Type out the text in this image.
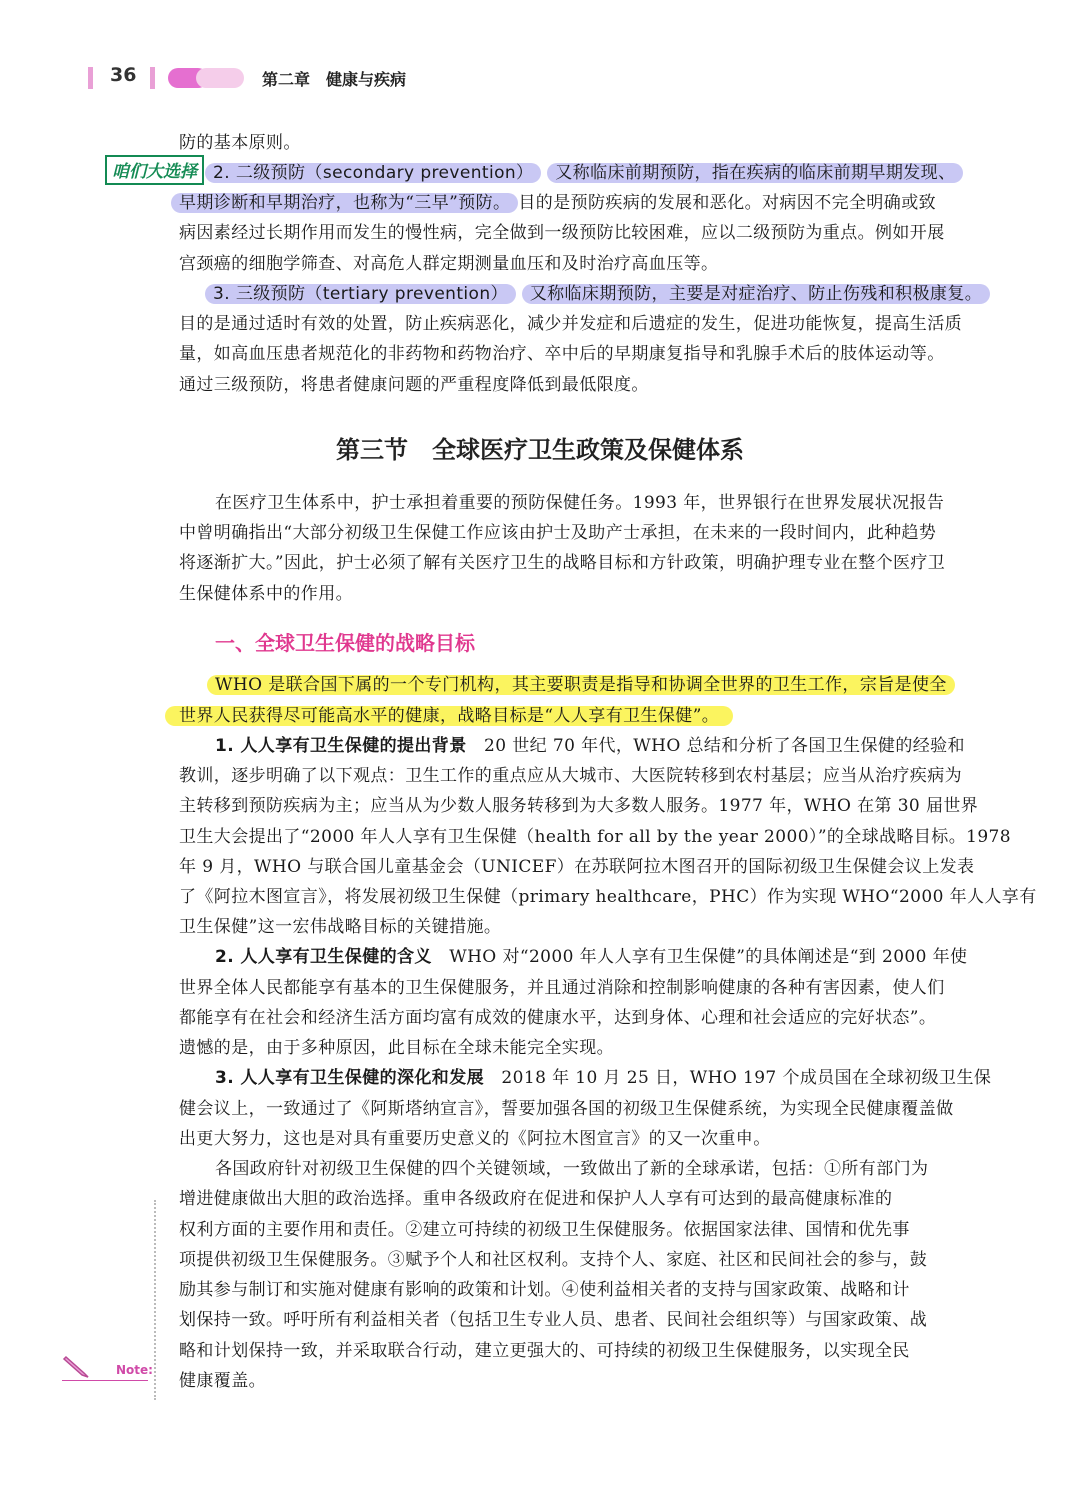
36	第二章　健康与疾病
咱们大选择
防的基本原则。
2. 二级预防（secondary prevention） 又称临床前期预防，指在疾病的临床前期早期发现、
早期诊断和早期治疗，也称为“三早”预防。 目的是预防疾病的发展和恶化。对病因不完全明确或致
病因素经过长期作用而发生的慢性病，完全做到一级预防比较困难，应以二级预防为重点。例如开展
宫颈癌的细胞学筛查、对高危人群定期测量血压和及时治疗高血压等。
3. 三级预防（tertiary prevention） 又称临床期预防，主要是对症治疗、防止伤残和积极康复。
目的是通过适时有效的处置，防止疾病恶化，减少并发症和后遗症的发生，促进功能恢复，提高生活质
量，如高血压患者规范化的非药物和药物治疗、卒中后的早期康复指导和乳腺手术后的肢体运动等。
通过三级预防，将患者健康问题的严重程度降低到最低限度。
第三节　全球医疗卫生政策及保健体系
在医疗卫生体系中，护士承担着重要的预防保健任务。1993 年，世界银行在世界发展状况报告
中曾明确指出“大部分初级卫生保健工作应该由护士及助产士承担，在未来的一段时间内，此种趋势
将逐渐扩大。”因此，护士必须了解有关医疗卫生的战略目标和方针政策，明确护理专业在整个医疗卫
生保健体系中的作用。
一、全球卫生保健的战略目标
WHO 是联合国下属的一个专门机构，其主要职责是指导和协调全世界的卫生工作，宗旨是使全
世界人民获得尽可能高水平的健康，战略目标是“人人享有卫生保健”。
1. 人人享有卫生保健的提出背景　20 世纪 70 年代，WHO 总结和分析了各国卫生保健的经验和
教训，逐步明确了以下观点：卫生工作的重点应从大城市、大医院转移到农村基层；应当从治疗疾病为
主转移到预防疾病为主；应当从为少数人服务转移到为大多数人服务。1977 年，WHO 在第 30 届世界
卫生大会提出了“2000 年人人享有卫生保健（health for all by the year 2000）”的全球战略目标。1978
年 9 月，WHO 与联合国儿童基金会（UNICEF）在苏联阿拉木图召开的国际初级卫生保健会议上发表
了《阿拉木图宣言》，将发展初级卫生保健（primary healthcare，PHC）作为实现 WHO“2000 年人人享有
卫生保健”这一宏伟战略目标的关键措施。
2. 人人享有卫生保健的含义　WHO 对“2000 年人人享有卫生保健”的具体阐述是“到 2000 年使
世界全体人民都能享有基本的卫生保健服务，并且通过消除和控制影响健康的各种有害因素，使人们
都能享有在社会和经济生活方面均富有成效的健康水平，达到身体、心理和社会适应的完好状态”。
遗憾的是，由于多种原因，此目标在全球未能完全实现。
3. 人人享有卫生保健的深化和发展　2018 年 10 月 25 日，WHO 197 个成员国在全球初级卫生保
健会议上，一致通过了《阿斯塔纳宣言》，誓要加强各国的初级卫生保健系统，为实现全民健康覆盖做
出更大努力，这也是对具有重要历史意义的《阿拉木图宣言》的又一次重申。
各国政府针对初级卫生保健的四个关键领域，一致做出了新的全球承诺，包括：①所有部门为
增进健康做出大胆的政治选择。重申各级政府在促进和保护人人享有可达到的最高健康标准的
权利方面的主要作用和责任。②建立可持续的初级卫生保健服务。依据国家法律、国情和优先事
项提供初级卫生保健服务。③赋予个人和社区权利。支持个人、家庭、社区和民间社会的参与，鼓
励其参与制订和实施对健康有影响的政策和计划。④使利益相关者的支持与国家政策、战略和计
划保持一致。呼吁所有利益相关者（包括卫生专业人员、患者、民间社会组织等）与国家政策、战
略和计划保持一致，并采取联合行动，建立更强大的、可持续的初级卫生保健服务，以实现全民
健康覆盖。
Note:
